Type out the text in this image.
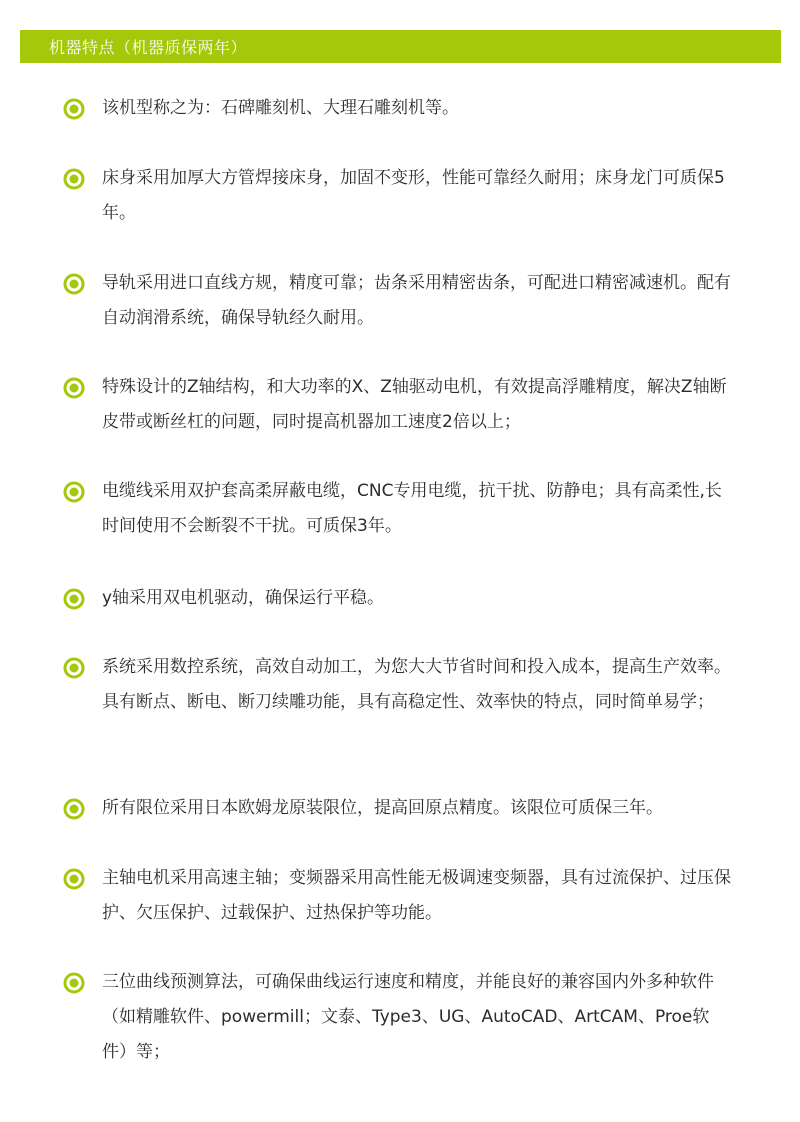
机器特点（机器质保两年）

该机型称之为：石碑雕刻机、大理石雕刻机等。

床身采用加厚大方管焊接床身，加固不变形，性能可靠经久耐用；床身龙门可质保5年。

导轨采用进口直线方规，精度可靠；齿条采用精密齿条，可配进口精密减速机。配有自动润滑系统，确保导轨经久耐用。

特殊设计的Z轴结构，和大功率的X、Z轴驱动电机，有效提高浮雕精度，解决Z轴断皮带或断丝杠的问题，同时提高机器加工速度2倍以上；

电缆线采用双护套高柔屏蔽电缆，CNC专用电缆，抗干扰、防静电；具有高柔性,长时间使用不会断裂不干扰。可质保3年。

y轴采用双电机驱动，确保运行平稳。

系统采用数控系统，高效自动加工，为您大大节省时间和投入成本，提高生产效率。具有断点、断电、断刀续雕功能，具有高稳定性、效率快的特点，同时简单易学；

所有限位采用日本欧姆龙原装限位，提高回原点精度。该限位可质保三年。

主轴电机采用高速主轴；变频器采用高性能无极调速变频器，具有过流保护、过压保护、欠压保护、过载保护、过热保护等功能。

三位曲线预测算法，可确保曲线运行速度和精度，并能良好的兼容国内外多种软件（如精雕软件、powermill；文泰、Type3、UG、AutoCAD、ArtCAM、Proe软件）等；
